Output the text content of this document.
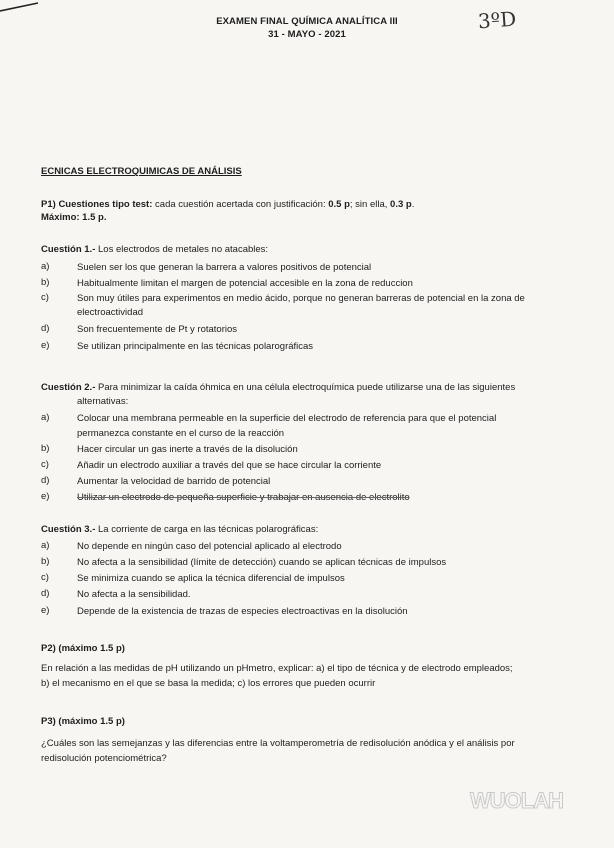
EXAMEN FINAL QUÍMICA ANALÍTICA III
31 - MAYO - 2021
3ºD
ECNICAS ELECTROQUIMICAS DE ANÁLISIS
P1) Cuestiones tipo test: cada cuestión acertada con justificación: 0.5 p; sin ella, 0.3 p.
Máximo: 1.5 p.
Cuestión 1.- Los electrodos de metales no atacables:
a)	Suelen ser los que generan la barrera a valores positivos de potencial
b)	Habitualmente limitan el margen de potencial accesible en la zona de reduccion
c)	Son muy útiles para experimentos en medio ácido, porque no generan barreras de potencial en la zona de
electroactividad
d)	Son frecuentemente de Pt y rotatorios
e)	Se utilizan principalmente en las técnicas polarográficas
Cuestión 2.- Para minimizar la caída óhmica en una célula electroquímica puede utilizarse una de las siguientes
alternativas:
a)	Colocar una membrana permeable en la superficie del electrodo de referencia para que el potencial
permanezca constante en el curso de la reacción
b)	Hacer circular un gas inerte a través de la disolución
c)	Añadir un electrodo auxiliar a través del que se hace circular la corriente
d)	Aumentar la velocidad de barrido de potencial
e)	Utilizar un electrodo de pequeña superficie y trabajar en ausencia de electrolito
Cuestión 3.- La corriente de carga en las técnicas polarográficas:
a)	No depende en ningún caso del potencial aplicado al electrodo
b)	No afecta a la sensibilidad (límite de detección) cuando se aplican técnicas de impulsos
c)	Se minimiza cuando se aplica la técnica diferencial de impulsos
d)	No afecta a la sensibilidad.
e)	Depende de la existencia de trazas de especies electroactivas en la disolución
P2) (máximo 1.5 p)
En relación a las medidas de pH utilizando un pHmetro, explicar: a) el tipo de técnica y de electrodo empleados;
b) el mecanismo en el que se basa la medida; c) los errores que pueden ocurrir
P3) (máximo 1.5 p)
¿Cuáles son las semejanzas y las diferencias entre la voltamperometría de redisolución anódica y el análisis por
redisolución potenciométrica?
WUOLAH
